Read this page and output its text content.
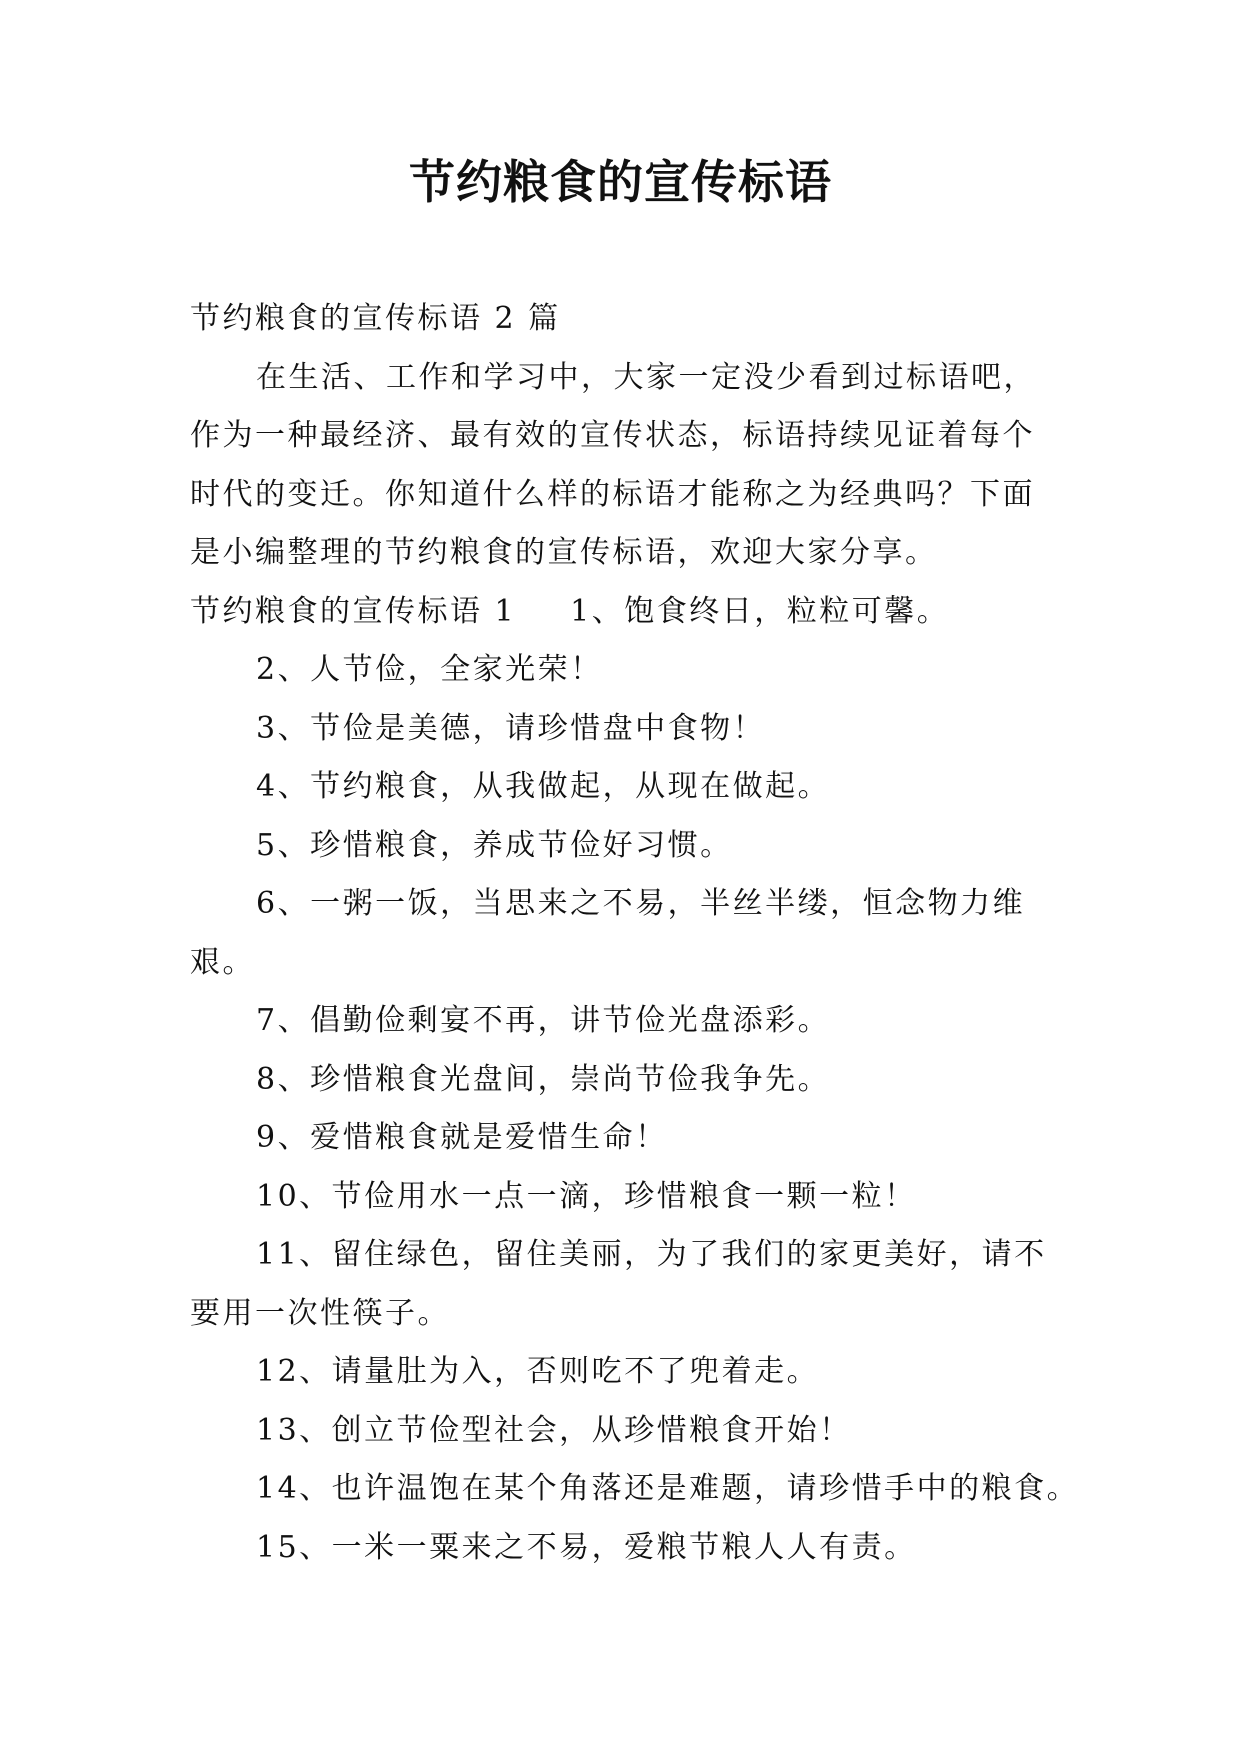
节约粮食的宣传标语
节约粮食的宣传标语 2 篇
在生活、工作和学习中，大家一定没少看到过标语吧，
作为一种最经济、最有效的宣传状态，标语持续见证着每个
时代的变迁。你知道什么样的标语才能称之为经典吗？下面
是小编整理的节约粮食的宣传标语，欢迎大家分享。
节约粮食的宣传标语 1 1、饱食终日，粒粒可馨。
2、人节俭，全家光荣！
3、节俭是美德，请珍惜盘中食物！
4、节约粮食，从我做起，从现在做起。
5、珍惜粮食，养成节俭好习惯。
6、一粥一饭，当思来之不易，半丝半缕，恒念物力维
艰。
7、倡勤俭剩宴不再，讲节俭光盘添彩。
8、珍惜粮食光盘间，崇尚节俭我争先。
9、爱惜粮食就是爱惜生命！
10、节俭用水一点一滴，珍惜粮食一颗一粒！
11、留住绿色，留住美丽，为了我们的家更美好，请不
要用一次性筷子。
12、请量肚为入，否则吃不了兜着走。
13、创立节俭型社会，从珍惜粮食开始！
14、也许温饱在某个角落还是难题，请珍惜手中的粮食。
15、一米一粟来之不易，爱粮节粮人人有责。
